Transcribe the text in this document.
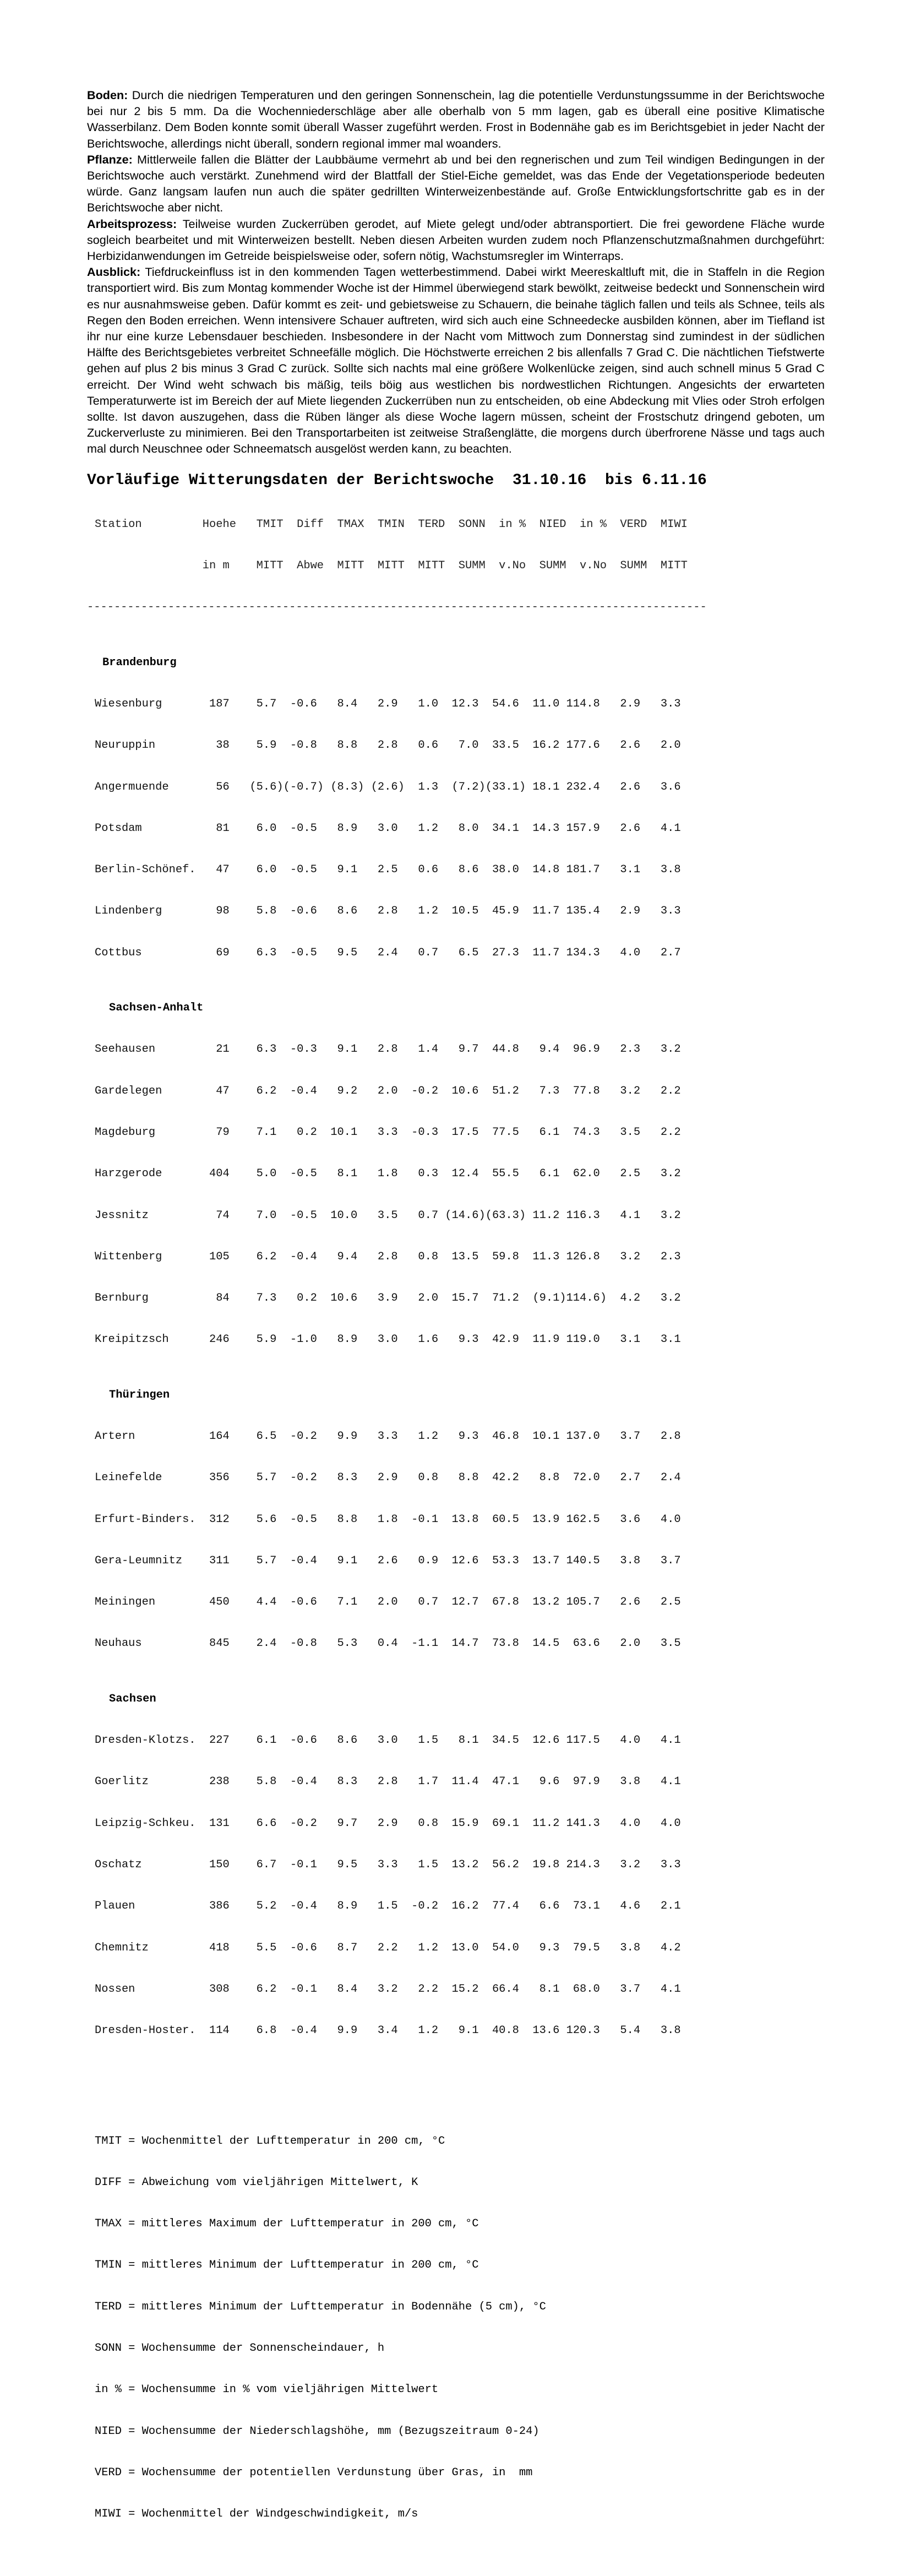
Boden: Durch die niedrigen Temperaturen und den geringen Sonnenschein, lag die potentielle Verdunstungssumme in der Berichtswoche bei nur 2 bis 5 mm. Da die Wochenniederschläge aber alle oberhalb von 5 mm lagen, gab es überall eine positive Klimatische Wasserbilanz. Dem Boden konnte somit überall Wasser zugeführt werden. Frost in Bodennähe gab es im Berichtsgebiet in jeder Nacht der Berichtswoche, allerdings nicht überall, sondern regional immer mal woanders.

Pflanze: Mittlerweile fallen die Blätter der Laubbäume vermehrt ab und bei den regnerischen und zum Teil windigen Bedingungen in der Berichtswoche auch verstärkt. Zunehmend wird der Blattfall der Stiel-Eiche gemeldet, was das Ende der Vegetationsperiode bedeuten würde. Ganz langsam laufen nun auch die später gedrillten Winterweizenbestände auf. Große Entwicklungsfortschritte gab es in der Berichtswoche aber nicht.

Arbeitsprozess: Teilweise wurden Zuckerrüben gerodet, auf Miete gelegt und/oder abtransportiert. Die frei gewordene Fläche wurde sogleich bearbeitet und mit Winterweizen bestellt. Neben diesen Arbeiten wurden zudem noch Pflanzenschutzmaßnahmen durchgeführt: Herbizidanwendungen im Getreide beispielsweise oder, sofern nötig, Wachstumsregler im Winterraps.

Ausblick: Tiefdruckeinfluss ist in den kommenden Tagen wetterbestimmend. Dabei wirkt Meereskaltluft mit, die in Staffeln in die Region transportiert wird. Bis zum Montag kommender Woche ist der Himmel überwiegend stark bewölkt, zeitweise bedeckt und Sonnenschein wird es nur ausnahmsweise geben. Dafür kommt es zeit- und gebietsweise zu Schauern, die beinahe täglich fallen und teils als Schnee, teils als Regen den Boden erreichen. Wenn intensivere Schauer auftreten, wird sich auch eine Schneedecke ausbilden können, aber im Tiefland ist ihr nur eine kurze Lebensdauer beschieden. Insbesondere in der Nacht vom Mittwoch zum Donnerstag sind zumindest in der südlichen Hälfte des Berichtsgebietes verbreitet Schneefälle möglich. Die Höchstwerte erreichen 2 bis allenfalls 7 Grad C. Die nächtlichen Tiefstwerte gehen auf plus 2 bis minus 3 Grad C zurück. Sollte sich nachts mal eine größere Wolkenlücke zeigen, sind auch schnell minus 5 Grad C erreicht. Der Wind weht schwach bis mäßig, teils böig aus westlichen bis nordwestlichen Richtungen. Angesichts der erwarteten Temperaturwerte ist im Bereich der auf Miete liegenden Zuckerrüben nun zu entscheiden, ob eine Abdeckung mit Vlies oder Stroh erfolgen sollte. Ist davon auszugehen, dass die Rüben länger als diese Woche lagern müssen, scheint der Frostschutz dringend geboten, um Zuckerverluste zu minimieren. Bei den Transportarbeiten ist zeitweise Straßenglätte, die morgens durch überfrorene Nässe und tags auch mal durch Neuschnee oder Schneematsch ausgelöst werden kann, zu beachten.

Vorläufige Witterungsdaten der Berichtswoche  31.10.16  bis 6.11.16

Station         Hoehe   TMIT  Diff  TMAX  TMIN  TERD  SONN  in %  NIED  in %  VERD  MIWI

in m    MITT  Abwe  MITT  MITT  MITT  SUMM  v.No  SUMM  v.No  SUMM  MITT

--------------------------------------------------------------------------------------------

Brandenburg

Wiesenburg       187    5.7  -0.6   8.4   2.9   1.0  12.3  54.6  11.0 114.8   2.9   3.3

Neuruppin         38    5.9  -0.8   8.8   2.8   0.6   7.0  33.5  16.2 177.6   2.6   2.0

Angermuende       56   (5.6)(-0.7) (8.3) (2.6)  1.3  (7.2)(33.1) 18.1 232.4   2.6   3.6

Potsdam           81    6.0  -0.5   8.9   3.0   1.2   8.0  34.1  14.3 157.9   2.6   4.1

Berlin-Schönef.   47    6.0  -0.5   9.1   2.5   0.6   8.6  38.0  14.8 181.7   3.1   3.8

Lindenberg        98    5.8  -0.6   8.6   2.8   1.2  10.5  45.9  11.7 135.4   2.9   3.3

Cottbus           69    6.3  -0.5   9.5   2.4   0.7   6.5  27.3  11.7 134.3   4.0   2.7

Sachsen-Anhalt

Seehausen         21    6.3  -0.3   9.1   2.8   1.4   9.7  44.8   9.4  96.9   2.3   3.2

Gardelegen        47    6.2  -0.4   9.2   2.0  -0.2  10.6  51.2   7.3  77.8   3.2   2.2

Magdeburg         79    7.1   0.2  10.1   3.3  -0.3  17.5  77.5   6.1  74.3   3.5   2.2

Harzgerode       404    5.0  -0.5   8.1   1.8   0.3  12.4  55.5   6.1  62.0   2.5   3.2

Jessnitz          74    7.0  -0.5  10.0   3.5   0.7 (14.6)(63.3) 11.2 116.3   4.1   3.2

Wittenberg       105    6.2  -0.4   9.4   2.8   0.8  13.5  59.8  11.3 126.8   3.2   2.3

Bernburg          84    7.3   0.2  10.6   3.9   2.0  15.7  71.2  (9.1)114.6)  4.2   3.2

Kreipitzsch      246    5.9  -1.0   8.9   3.0   1.6   9.3  42.9  11.9 119.0   3.1   3.1

Thüringen

Artern           164    6.5  -0.2   9.9   3.3   1.2   9.3  46.8  10.1 137.0   3.7   2.8

Leinefelde       356    5.7  -0.2   8.3   2.9   0.8   8.8  42.2   8.8  72.0   2.7   2.4

Erfurt-Binders.  312    5.6  -0.5   8.8   1.8  -0.1  13.8  60.5  13.9 162.5   3.6   4.0

Gera-Leumnitz    311    5.7  -0.4   9.1   2.6   0.9  12.6  53.3  13.7 140.5   3.8   3.7

Meiningen        450    4.4  -0.6   7.1   2.0   0.7  12.7  67.8  13.2 105.7   2.6   2.5

Neuhaus          845    2.4  -0.8   5.3   0.4  -1.1  14.7  73.8  14.5  63.6   2.0   3.5

Sachsen

Dresden-Klotzs.  227    6.1  -0.6   8.6   3.0   1.5   8.1  34.5  12.6 117.5   4.0   4.1

Goerlitz         238    5.8  -0.4   8.3   2.8   1.7  11.4  47.1   9.6  97.9   3.8   4.1

Leipzig-Schkeu.  131    6.6  -0.2   9.7   2.9   0.8  15.9  69.1  11.2 141.3   4.0   4.0

Oschatz          150    6.7  -0.1   9.5   3.3   1.5  13.2  56.2  19.8 214.3   3.2   3.3

Plauen           386    5.2  -0.4   8.9   1.5  -0.2  16.2  77.4   6.6  73.1   4.6   2.1

Chemnitz         418    5.5  -0.6   8.7   2.2   1.2  13.0  54.0   9.3  79.5   3.8   4.2

Nossen           308    6.2  -0.1   8.4   3.2   2.2  15.2  66.4   8.1  68.0   3.7   4.1

Dresden-Hoster.  114    6.8  -0.4   9.9   3.4   1.2   9.1  40.8  13.6 120.3   5.4   3.8

TMIT = Wochenmittel der Lufttemperatur in 200 cm, °C

DIFF = Abweichung vom vieljährigen Mittelwert, K

TMAX = mittleres Maximum der Lufttemperatur in 200 cm, °C

TMIN = mittleres Minimum der Lufttemperatur in 200 cm, °C

TERD = mittleres Minimum der Lufttemperatur in Bodennähe (5 cm), °C

SONN = Wochensumme der Sonnenscheindauer, h

in % = Wochensumme in % vom vieljährigen Mittelwert

NIED = Wochensumme der Niederschlagshöhe, mm (Bezugszeitraum 0-24)

VERD = Wochensumme der potentiellen Verdunstung über Gras, in  mm

MIWI = Wochenmittel der Windgeschwindigkeit, m/s
